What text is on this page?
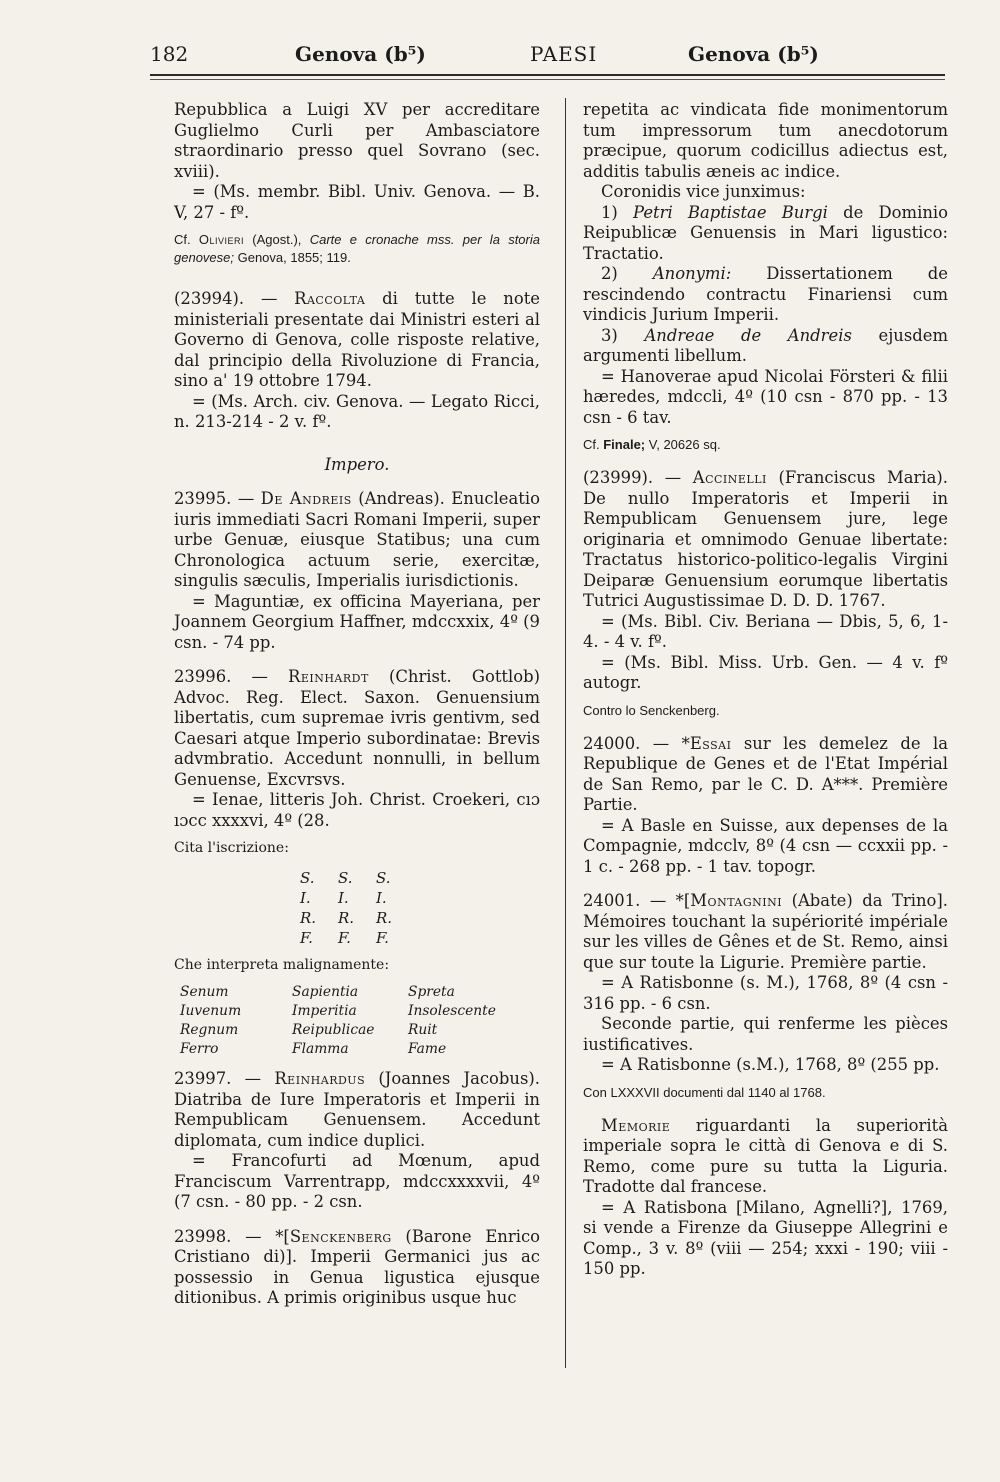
182	Genova (b⁵)	PAESI	Genova (b⁵)

Repubblica a Luigi XV per accreditare Guglielmo Curli per Ambasciatore straordinario presso quel Sovrano (sec. xviii).

= (Ms. membr. Bibl. Univ. Genova. — B. V, 27 - fº.

Cf. Olivieri (Agost.), Carte e cronache mss. per la storia genovese; Genova, 1855; 119.

(23994). — Raccolta di tutte le note ministeriali presentate dai Ministri esteri al Governo di Genova, colle risposte relative, dal principio della Rivoluzione di Francia, sino a' 19 ottobre 1794.

= (Ms. Arch. civ. Genova. — Legato Ricci, n. 213-214 - 2 v. fº.

Impero.

23995. — De Andreis (Andreas). Enucleatio iuris immediati Sacri Romani Imperii, super urbe Genuæ, eiusque Statibus; una cum Chronologica actuum serie, exercitæ, singulis sæculis, Imperialis iurisdictionis.

= Maguntiæ, ex officina Mayeriana, per Joannem Georgium Haffner, mdccxxix, 4º (9 csn. - 74 pp.

23996. — Reinhardt (Christ. Gottlob) Advoc. Reg. Elect. Saxon. Genuensium libertatis, cum supremae ivris gentivm, sed Caesari atque Imperio subordinatae: Brevis advmbratio. Accedunt nonnulli, in bellum Genuense, Excvrsvs.

= Ienae, litteris Joh. Christ. Croekeri, cıɔ ıɔcc xxxxvi, 4º (28.

Cita l'iscrizione:

S.	S.	S.
I.	I.	I.
R.	R.	R.
F.	F.	F.

Che interpreta malignamente:

Senum	Sapientia	Spreta
Iuvenum	Imperitia	Insolescente
Regnum	Reipublicae	Ruit
Ferro	Flamma	Fame

23997. — Reinhardus (Joannes Jacobus). Diatriba de Iure Imperatoris et Imperii in Rempublicam Genuensem. Accedunt diplomata, cum indice duplici.

= Francofurti ad Mœnum, apud Franciscum Varrentrapp, mdccxxxxvii, 4º (7 csn. - 80 pp. - 2 csn.

23998. — *[Senckenberg (Barone Enrico Cristiano di)]. Imperii Germanici jus ac possessio in Genua ligustica ejusque ditionibus. A primis originibus usque huc

repetita ac vindicata fide monimentorum tum impressorum tum anecdotorum præcipue, quorum codicillus adiectus est, additis tabulis æneis ac indice.

Coronidis vice junximus:

1) Petri Baptistae Burgi de Dominio Reipublicæ Genuensis in Mari ligustico: Tractatio.

2) Anonymi: Dissertationem de rescindendo contractu Finariensi cum vindicis Jurium Imperii.

3) Andreae de Andreis ejusdem argumenti libellum.

= Hanoverae apud Nicolai Försteri & filii hæredes, mdccli, 4º (10 csn - 870 pp. - 13 csn - 6 tav.

Cf. Finale; V, 20626 sq.

(23999). — Accinelli (Franciscus Maria). De nullo Imperatoris et Imperii in Rempublicam Genuensem jure, lege originaria et omnimodo Genuae libertate: Tractatus historico-politico-legalis Virgini Deiparæ Genuensium eorumque libertatis Tutrici Augustissimae D. D. D. 1767.

= (Ms. Bibl. Civ. Beriana — Dbis, 5, 6, 1-4. - 4 v. fº.

= (Ms. Bibl. Miss. Urb. Gen. — 4 v. fº autogr.

Contro lo Senckenberg.

24000. — *Essai sur les demelez de la Republique de Genes et de l'Etat Impérial de San Remo, par le C. D. A***. Première Partie.

= A Basle en Suisse, aux depenses de la Compagnie, mdcclv, 8º (4 csn — ccxxii pp. - 1 c. - 268 pp. - 1 tav. topogr.

24001. — *[Montagnini (Abate) da Trino]. Mémoires touchant la supériorité impériale sur les villes de Gênes et de St. Remo, ainsi que sur toute la Ligurie. Première partie.

= A Ratisbonne (s. M.), 1768, 8º (4 csn - 316 pp. - 6 csn.

Seconde partie, qui renferme les pièces iustificatives.

= A Ratisbonne (s.M.), 1768, 8º (255 pp.

Con LXXXVII documenti dal 1140 al 1768.

Memorie riguardanti la superiorità imperiale sopra le città di Genova e di S. Remo, come pure su tutta la Liguria. Tradotte dal francese.

= A Ratisbona [Milano, Agnelli?], 1769, si vende a Firenze da Giuseppe Allegrini e Comp., 3 v. 8º (viii — 254; xxxi - 190; viii - 150 pp.
